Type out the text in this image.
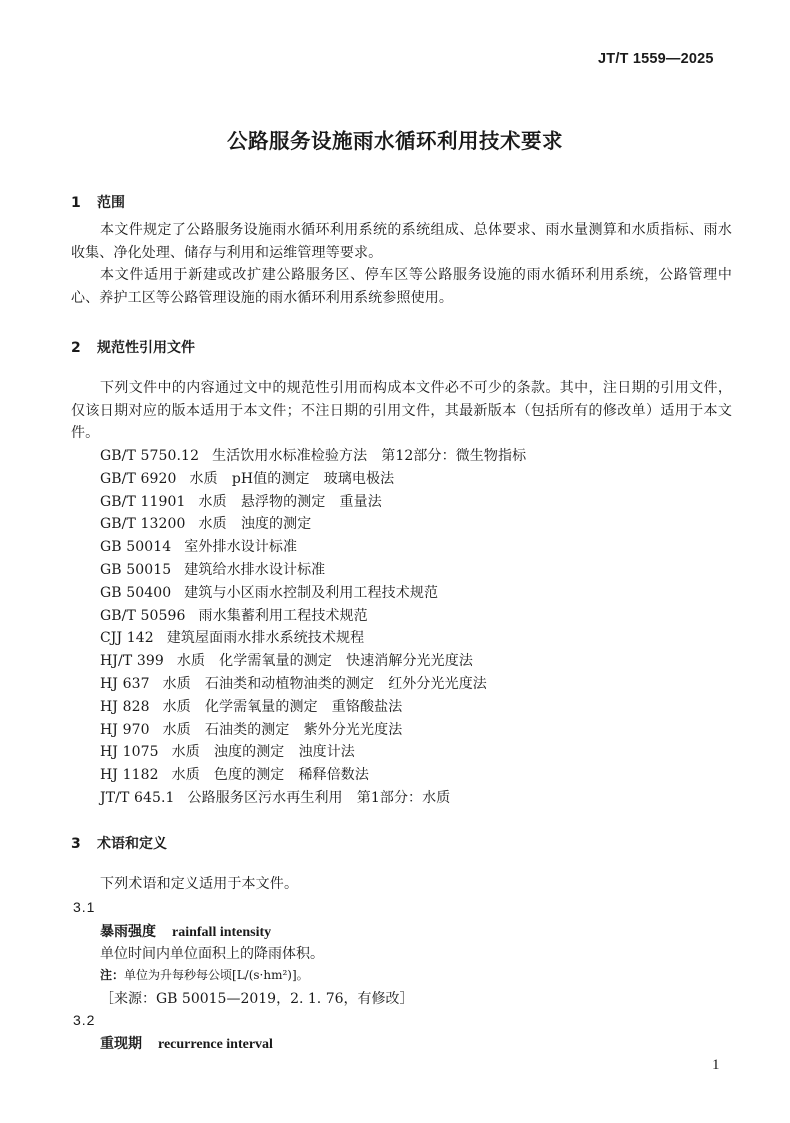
JT/T 1559—2025
公路服务设施雨水循环利用技术要求
1 范围
本文件规定了公路服务设施雨水循环利用系统的系统组成、总体要求、雨水量测算和水质指标、雨水收集、净化处理、储存与利用和运维管理等要求。
本文件适用于新建或改扩建公路服务区、停车区等公路服务设施的雨水循环利用系统，公路管理中心、养护工区等公路管理设施的雨水循环利用系统参照使用。
2 规范性引用文件
下列文件中的内容通过文中的规范性引用而构成本文件必不可少的条款。其中，注日期的引用文件，仅该日期对应的版本适用于本文件；不注日期的引用文件，其最新版本（包括所有的修改单）适用于本文件。
GB/T 5750.12 生活饮用水标准检验方法　第12部分：微生物指标
GB/T 6920 水质　pH值的测定　玻璃电极法
GB/T 11901 水质　悬浮物的测定　重量法
GB/T 13200 水质　浊度的测定
GB 50014 室外排水设计标准
GB 50015 建筑给水排水设计标准
GB 50400 建筑与小区雨水控制及利用工程技术规范
GB/T 50596 雨水集蓄利用工程技术规范
CJJ 142 建筑屋面雨水排水系统技术规程
HJ/T 399 水质　化学需氧量的测定　快速消解分光光度法
HJ 637 水质　石油类和动植物油类的测定　红外分光光度法
HJ 828 水质　化学需氧量的测定　重铬酸盐法
HJ 970 水质　石油类的测定　紫外分光光度法
HJ 1075 水质　浊度的测定　浊度计法
HJ 1182 水质　色度的测定　稀释倍数法
JT/T 645.1 公路服务区污水再生利用　第1部分：水质
3 术语和定义
下列术语和定义适用于本文件。
3.1
暴雨强度 rainfall intensity
单位时间内单位面积上的降雨体积。
注：单位为升每秒每公顷[L/(s·hm²)]。
［来源：GB 50015—2019，2. 1. 76，有修改］
3.2
重现期 recurrence interval
1
